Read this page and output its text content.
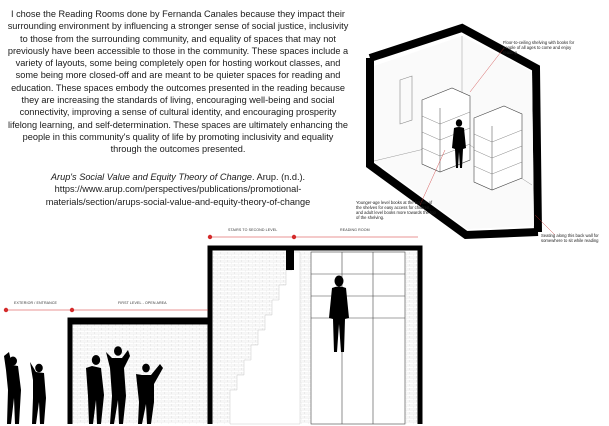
I chose the Reading Rooms done by Fernanda Canales because they impact their surrounding environment by influencing a stronger sense of social justice, inclusivity to those from the surrounding community, and equality of spaces that may not previously have been accessible to those in the community. These spaces include a variety of layouts, some being completely open for hosting workout classes, and some being more closed-off and are meant to be quieter spaces for reading and education. These spaces embody the outcomes presented in the reading because they are increasing the standards of living, encouraging well-being and social connectivity, improving a sense of cultural identity, and encouraging prosperity lifelong learning, and self-determination. These spaces are ultimately enhancing the people in this community's quality of life by promoting inclusivity and equality through the outcomes presented.

Arup's Social Value and Equity Theory of Change. Arup. (n.d.).
https://www.arup.com/perspectives/publications/promotional-materials/section/arups-social-value-and-equity-theory-of-change

Floor-to-ceiling shelving with books for people of all ages to come and enjoy reading.
Younger-age level books at the bottom of the shelves for easy access for children, and adult level books more towards the top of the shelving.
Seating along this back wall for somewhere to sit while reading
EXTERIOR / ENTRANCE	FIRST LEVEL - OPEN AREA
STAIRS TO SECOND LEVEL	READING ROOM
